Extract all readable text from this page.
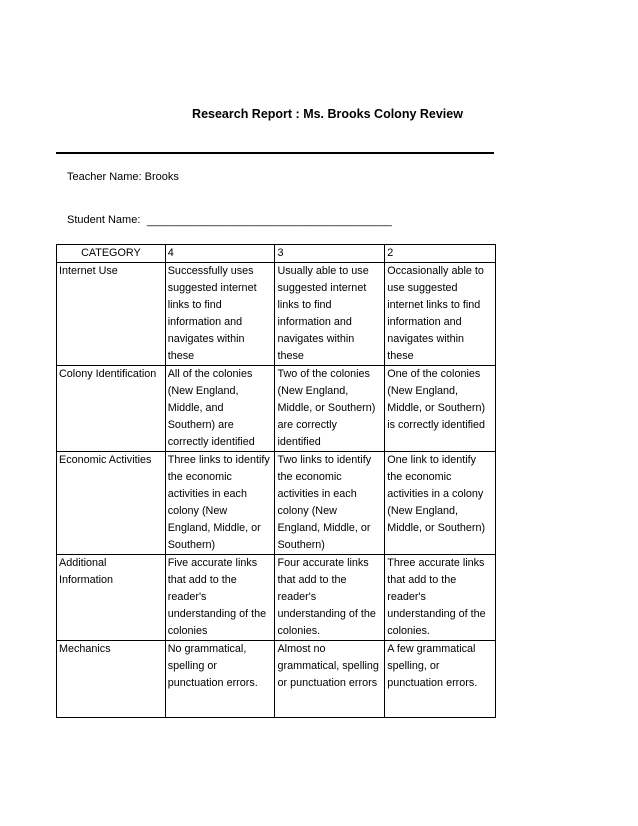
Research Report : Ms. Brooks Colony Review
Teacher Name: Brooks
Student Name: ________________________________________
CATEGORY	4	3	2
Internet Use	Successfully uses suggested internet links to find information and navigates within these	Usually able to use suggested internet links to find information and navigates within these	Occasionally able to use suggested internet links to find information and navigates within these
Colony Identification	All of the colonies (New England, Middle, and Southern) are correctly identified	Two of the colonies (New England, Middle, or Southern) are correctly identified	One of the colonies (New England, Middle, or Southern) is correctly identified
Economic Activities	Three links to identify the economic activities in each colony (New England, Middle, or Southern)	Two links to identify the economic activities in each colony (New England, Middle, or Southern)	One link to identify the economic activities in a colony (New England, Middle, or Southern)
Additional Information	Five accurate links that add to the reader's understanding of the colonies	Four accurate links that add to the reader's understanding of the colonies.	Three accurate links that add to the reader's understanding of the colonies.
Mechanics	No grammatical, spelling or punctuation errors.	Almost no grammatical, spelling or punctuation errors	A few grammatical spelling, or punctuation errors.
